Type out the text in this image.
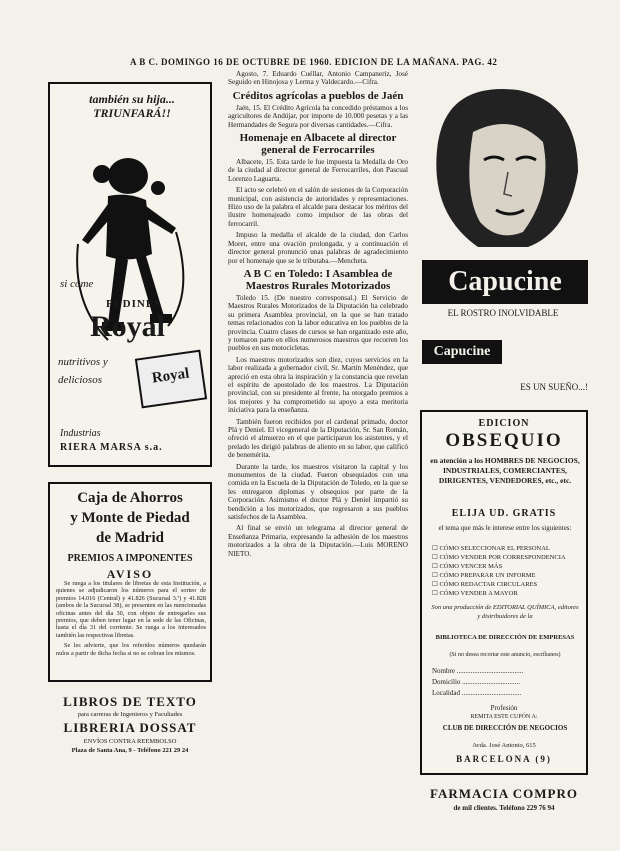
A B C. DOMINGO 16 DE OCTUBRE DE 1960. EDICION DE LA MAÑANA. PAG. 42
también su hija... TRIUNFARÁ!!
si come
PUDINES
Royal
nutritivos y
deliciosos	Royal
Industrias
RIERA MARSA s.a.
Caja de Ahorros
y Monte de Piedad
de Madrid
PREMIOS A IMPONENTES
AVISO

Se ruega a los titulares de libretas de esta Institución, a quienes se adjudicaron los números para el sorteo de premios 14.016 (Central) y 41.826 (Sucursal 3.ª) y 41.828 (ambos de la Sucursal 38), se presenten en las mencionadas oficinas antes del día 30, con objeto de entregarles sus premios, que deben tener lugar en la sede de las Oficinas, hasta el día 31 del corriente. Se ruega a los interesados también las respectivas libretas.

Se les advierte, que los referidos números quedarán nulos a partir de dicha fecha si no se cobran los mismos.

LIBROS DE TEXTO
para carreras de Ingenieros y Facultades
LIBRERIA DOSSAT
ENVÍOS CONTRA REEMBOLSO
Plaza de Santa Ana, 9 - Teléfono 221 29 24

Agosto, 7. Eduardo Cuéllar, Antonio Campaneriz, José Seguido en Hinojosa y Lerma y Valdecardo.—Cifra.

Créditos agrícolas a pueblos de Jaén

Jaén, 15. El Crédito Agrícola ha concedido préstamos a los agricultores de Andújar, por importe de 10.000 pesetas y a las Hermandades de Segura por diversas cantidades.—Cifra.

Homenaje en Albacete al director general de Ferrocarriles

Albacete, 15. Esta tarde le fue impuesta la Medalla de Oro de la ciudad al director general de Ferrocarriles, don Pascual Lorenzo Laguarta.

El acto se celebró en el salón de sesiones de la Corporación municipal, con asistencia de autoridades y representaciones. Hizo uso de la palabra el alcalde para destacar los méritos del ilustre homenajeado como impulsor de las obras del ferrocarril.

Impuso la medalla el alcalde de la ciudad, don Carlos Moret, entre una ovación prolongada, y a continuación el director general pronunció unas palabras de agradecimiento por el homenaje que se le tributaba.—Mencheta.

A B C en Toledo: I Asamblea de Maestros Rurales Motorizados

Toledo 15. (De nuestro corresponsal.) El Servicio de Maestros Rurales Motorizados de la Diputación ha celebrado su primera Asamblea provincial, en la que se han tratado temas relacionados con la labor educativa en los pueblos de la provincia. Cuatro clases de cursos se han organizado este año, y tomaron parte en ellos numerosos maestros que recorren los pueblos en sus motocicletas.

Los maestros motorizados son diez, cuyos servicios en la labor realizada a gobernador civil, Sr. Martín Menéndez, que apreció en esta obra la inspiración y la constancia que revelan el espíritu de apostolado de los maestros. La Diputación provincial, con su presidente al frente, ha otorgado premios a los mejores y ha comprometido su apoyo a esta meritoria iniciativa para la enseñanza.

También fueron recibidos por el cardenal primado, doctor Plá y Deniel. El vicegeneral de la Diputación, Sr. San Román, ofreció el almuerzo en el que participaron los asistentes, y el prelado les dirigió palabras de aliento en su labor, que calificó de benemérita.

Durante la tarde, los maestros visitaron la capital y los monumentos de la ciudad. Fueron obsequiados con una comida en la Escuela de la Diputación de Toledo, en la que se les entregaron diplomas y obsequios por parte de la Corporación. Asimismo el doctor Plá y Deniel impartió su bendición a los motorizados, que regresaron a sus pueblos satisfechos de la Asamblea.

Al final se envió un telegrama al director general de Enseñanza Primaria, expresando la adhesión de los maestros motorizados a la obra de la Diputación.—Luis MORENO NIETO.

Capucine
EL ROSTRO INOLVIDABLE
Capucine
ES UN SUEÑO...!
EDICION
OBSEQUIO
en atención a los HOMBRES DE NEGOCIOS, INDUSTRIALES, COMERCIANTES, DIRIGENTES, VENDEDORES, etc., etc.
ELIJA UD. GRATIS
el tema que más le interese entre los siguientes:
☐ CÓMO SELECCIONAR EL PERSONAL
☐ CÓMO VENDER POR CORRESPONDENCIA
☐ CÓMO VENCER MÁS
☐ CÓMO PREPARAR UN INFORME
☐ CÓMO REDACTAR CIRCULARES
☐ CÓMO VENDER A MAYOR
Son una producción de EDITORIAL QUÍMICA, editores y distribuidores de la
BIBLIOTECA DE DIRECCIÓN DE EMPRESAS
(Si no desea recortar este anuncio, escríbanos)
Nombre ......................................
Domicilio .................................
Localidad ..................................
Profesión
REMITA ESTE CUPÓN A:
CLUB DE DIRECCIÓN DE NEGOCIOS
Avda. José Antonio, 615
BARCELONA (9)
FARMACIA COMPRO
de mil clientes. Teléfono 229 76 94
